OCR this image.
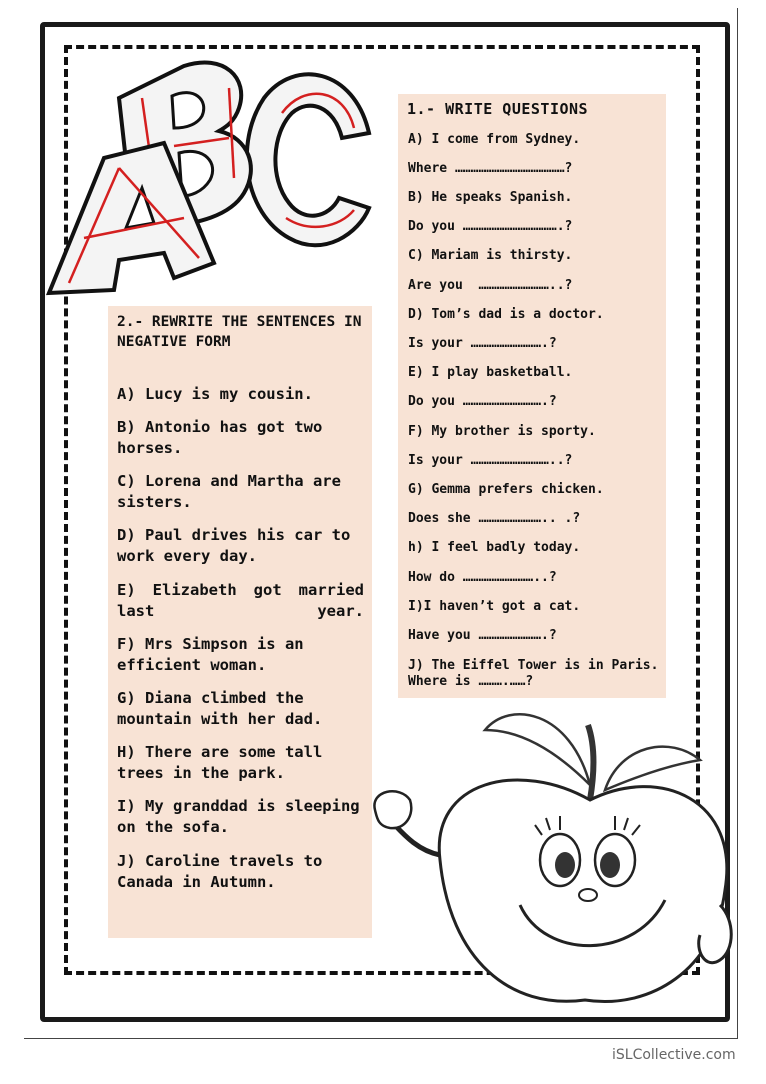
1.- WRITE QUESTIONS
A) I come from Sydney.
Where ……………………………………?
B) He speaks Spanish.
Do you ……………………………….?
C) Mariam is thirsty.
Are you  ………………………..?
D) Tom’s dad is a doctor.
Is your ……………………….?
E) I play basketball.
Do you ………………………….?
F) My brother is sporty.
Is your …………………………..?
G) Gemma prefers chicken.
Does she …………………….. .?
h) I feel badly today.
How do ………………………..?
I)I haven’t got a cat.
Have you …………………….?
J) The Eiffel Tower is in Paris. Where is ……….……?
2.- REWRITE THE SENTENCES IN NEGATIVE FORM
A) Lucy is my cousin.
B) Antonio has got two horses.
C) Lorena and Martha are sisters.
D) Paul drives his car to work every day.
E) Elizabeth got married last year.
F) Mrs Simpson is an efficient woman.
G) Diana climbed the mountain with her dad.
H) There are some tall trees in the park.
I) My granddad is sleeping on the sofa.
J) Caroline travels to Canada in Autumn.
iSLCollective.com
